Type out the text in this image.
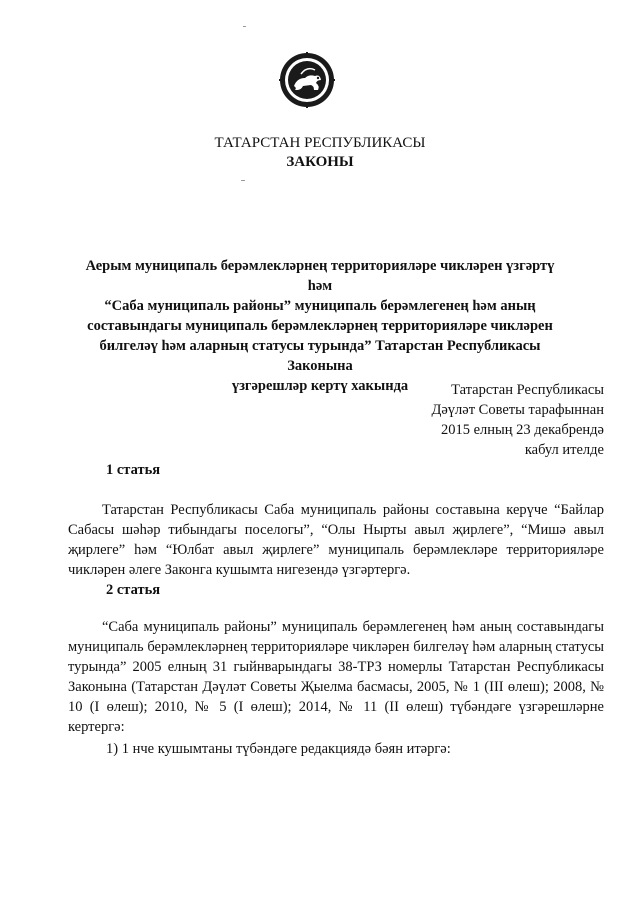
ТАТАРСТАН РЕСПУБЛИКАСЫ
ЗАКОНЫ
Аерым муниципаль берәмлекләрнең территорияләре чикләрен үзгәртү һәм
“Саба муниципаль районы” муниципаль берәмлегенең һәм аның
составындагы муниципаль берәмлекләрнең территорияләре чикләрен
билгеләү һәм аларның статусы турында” Татарстан Республикасы Законына
үзгәрешләр кертү хакында	Татарстан Республикасы
Дәүләт Советы тарафыннан
2015 елның 23 декабрендә
кабул ителде
1 статья
Татарстан Республикасы Саба муниципаль районы составына керүче “Байлар Сабасы шәһәр тибындагы поселогы”, “Олы Нырты авыл җирлеге”, “Мишә авыл җирлеге” һәм “Юлбат авыл җирлеге” муниципаль берәмлекләре территорияләре чикләрен әлеге Законга кушымта нигезендә үзгәртергә.
2 статья
“Саба муниципаль районы” муниципаль берәмлегенең һәм аның составындагы муниципаль берәмлекләрнең территорияләре чикләрен билгеләү һәм аларның статусы турында” 2005 елның 31 гыйнварындагы 38-ТРЗ номерлы Татарстан Республикасы Законына (Татарстан Дәүләт Советы Җыелма басмасы, 2005, № 1 (III өлеш); 2008, № 10 (I өлеш); 2010, № 5 (I өлеш); 2014, № 11 (II өлеш) түбәндәге үзгәрешләрне кертергә:
1) 1 нче кушымтаны түбәндәге редакциядә бәян итәргә:
